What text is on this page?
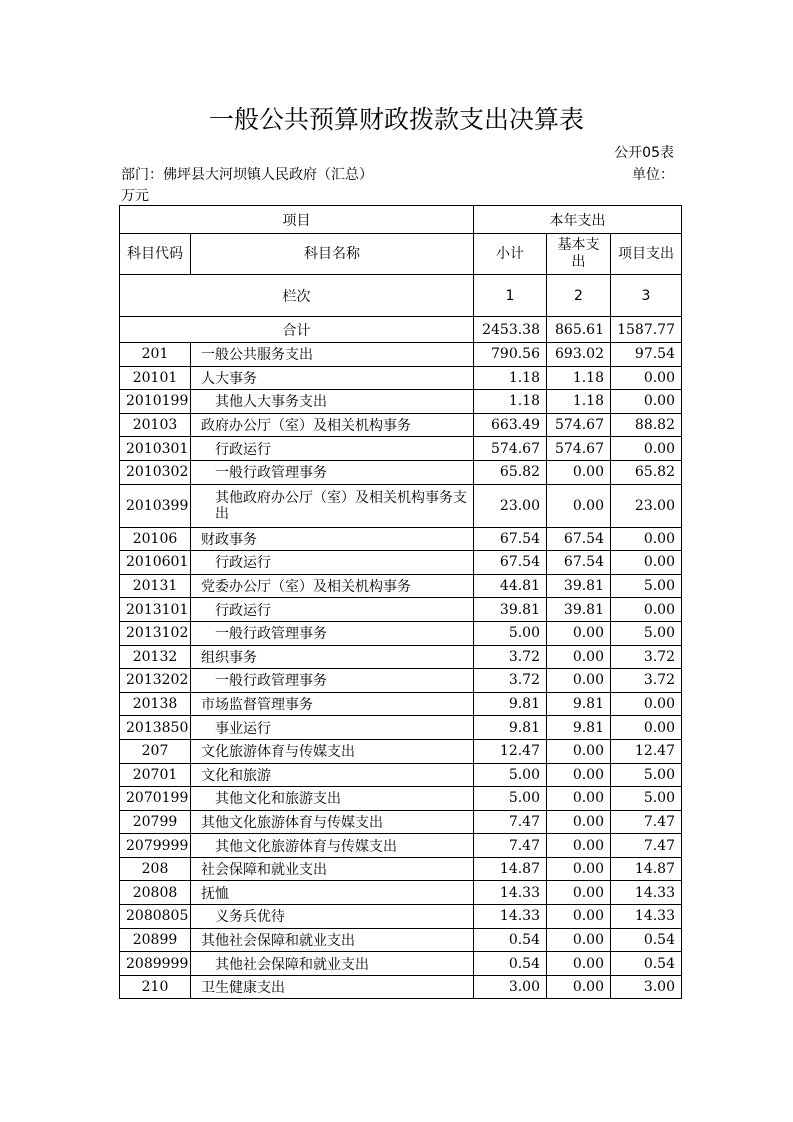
一般公共预算财政拨款支出决算表
公开05表
部门：佛坪县大河坝镇人民政府（汇总）	单位：
万元
项目		本年支出		
科目代码	科目名称	小计	基本支出	项目支出
栏次		1	2	3
合计		2453.38	865.61	1587.77
201	一般公共服务支出	790.56	693.02	97.54
20101	人大事务	1.18	1.18	0.00
2010199	其他人大事务支出	1.18	1.18	0.00
20103	政府办公厅（室）及相关机构事务	663.49	574.67	88.82
2010301	行政运行	574.67	574.67	0.00
2010302	一般行政管理事务	65.82	0.00	65.82
2010399	其他政府办公厅（室）及相关机构事务支出	23.00	0.00	23.00
20106	财政事务	67.54	67.54	0.00
2010601	行政运行	67.54	67.54	0.00
20131	党委办公厅（室）及相关机构事务	44.81	39.81	5.00
2013101	行政运行	39.81	39.81	0.00
2013102	一般行政管理事务	5.00	0.00	5.00
20132	组织事务	3.72	0.00	3.72
2013202	一般行政管理事务	3.72	0.00	3.72
20138	市场监督管理事务	9.81	9.81	0.00
2013850	事业运行	9.81	9.81	0.00
207	文化旅游体育与传媒支出	12.47	0.00	12.47
20701	文化和旅游	5.00	0.00	5.00
2070199	其他文化和旅游支出	5.00	0.00	5.00
20799	其他文化旅游体育与传媒支出	7.47	0.00	7.47
2079999	其他文化旅游体育与传媒支出	7.47	0.00	7.47
208	社会保障和就业支出	14.87	0.00	14.87
20808	抚恤	14.33	0.00	14.33
2080805	义务兵优待	14.33	0.00	14.33
20899	其他社会保障和就业支出	0.54	0.00	0.54
2089999	其他社会保障和就业支出	0.54	0.00	0.54
210	卫生健康支出	3.00	0.00	3.00
